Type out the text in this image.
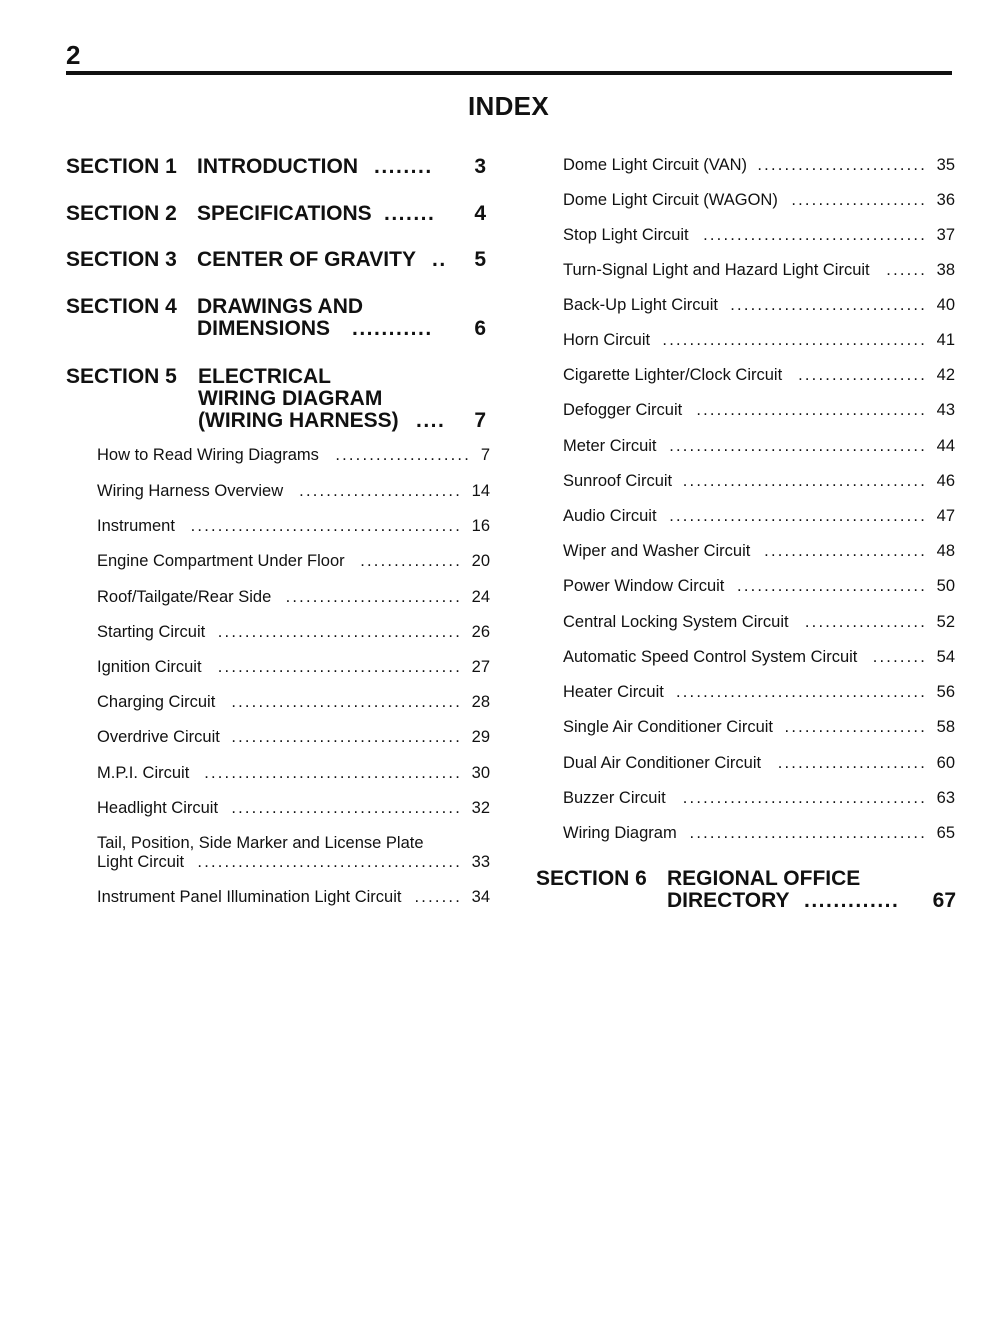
2
INDEX
SECTION 1 INTRODUCTION ........ 3
SECTION 2 SPECIFICATIONS ....... 4
SECTION 3 CENTER OF GRAVITY .. 5
SECTION 4 DRAWINGS AND
DIMENSIONS ........... 6
SECTION 5 ELECTRICAL
WIRING DIAGRAM
(WIRING HARNESS) .... 7
SECTION 6 REGIONAL OFFICE
DIRECTORY ............. 67
How to Read Wiring Diagrams .................... 7
Wiring Harness Overview ........................ 14
Instrument ........................................ 16
Engine Compartment Under Floor ............... 20
Roof/Tailgate/Rear Side .......................... 24
Starting Circuit .................................... 26
Ignition Circuit .................................... 27
Charging Circuit .................................. 28
Overdrive Circuit .................................. 29
M.P.I. Circuit ...................................... 30
Headlight Circuit .................................. 32
Tail, Position, Side Marker and License Plate
Light Circuit ....................................... 33
Instrument Panel Illumination Light Circuit ....... 34
Dome Light Circuit (VAN) ......................... 35
Dome Light Circuit (WAGON) .................... 36
Stop Light Circuit ................................. 37
Turn-Signal Light and Hazard Light Circuit	...... 38
Back-Up Light Circuit ............................. 40
Horn Circuit ....................................... 41
Cigarette Lighter/Clock Circuit ................... 42
Defogger Circuit .................................. 43
Meter Circuit ...................................... 44
Sunroof Circuit .................................... 46
Audio Circuit ...................................... 47
Wiper and Washer Circuit ........................ 48
Power Window Circuit ............................ 50
Central Locking System Circuit .................. 52
Automatic Speed Control System Circuit ........ 54
Heater Circuit ..................................... 56
Single Air Conditioner Circuit ..................... 58
Dual Air Conditioner Circuit	...................... 60
Buzzer Circuit	.................................... 63
Wiring Diagram ................................... 65
